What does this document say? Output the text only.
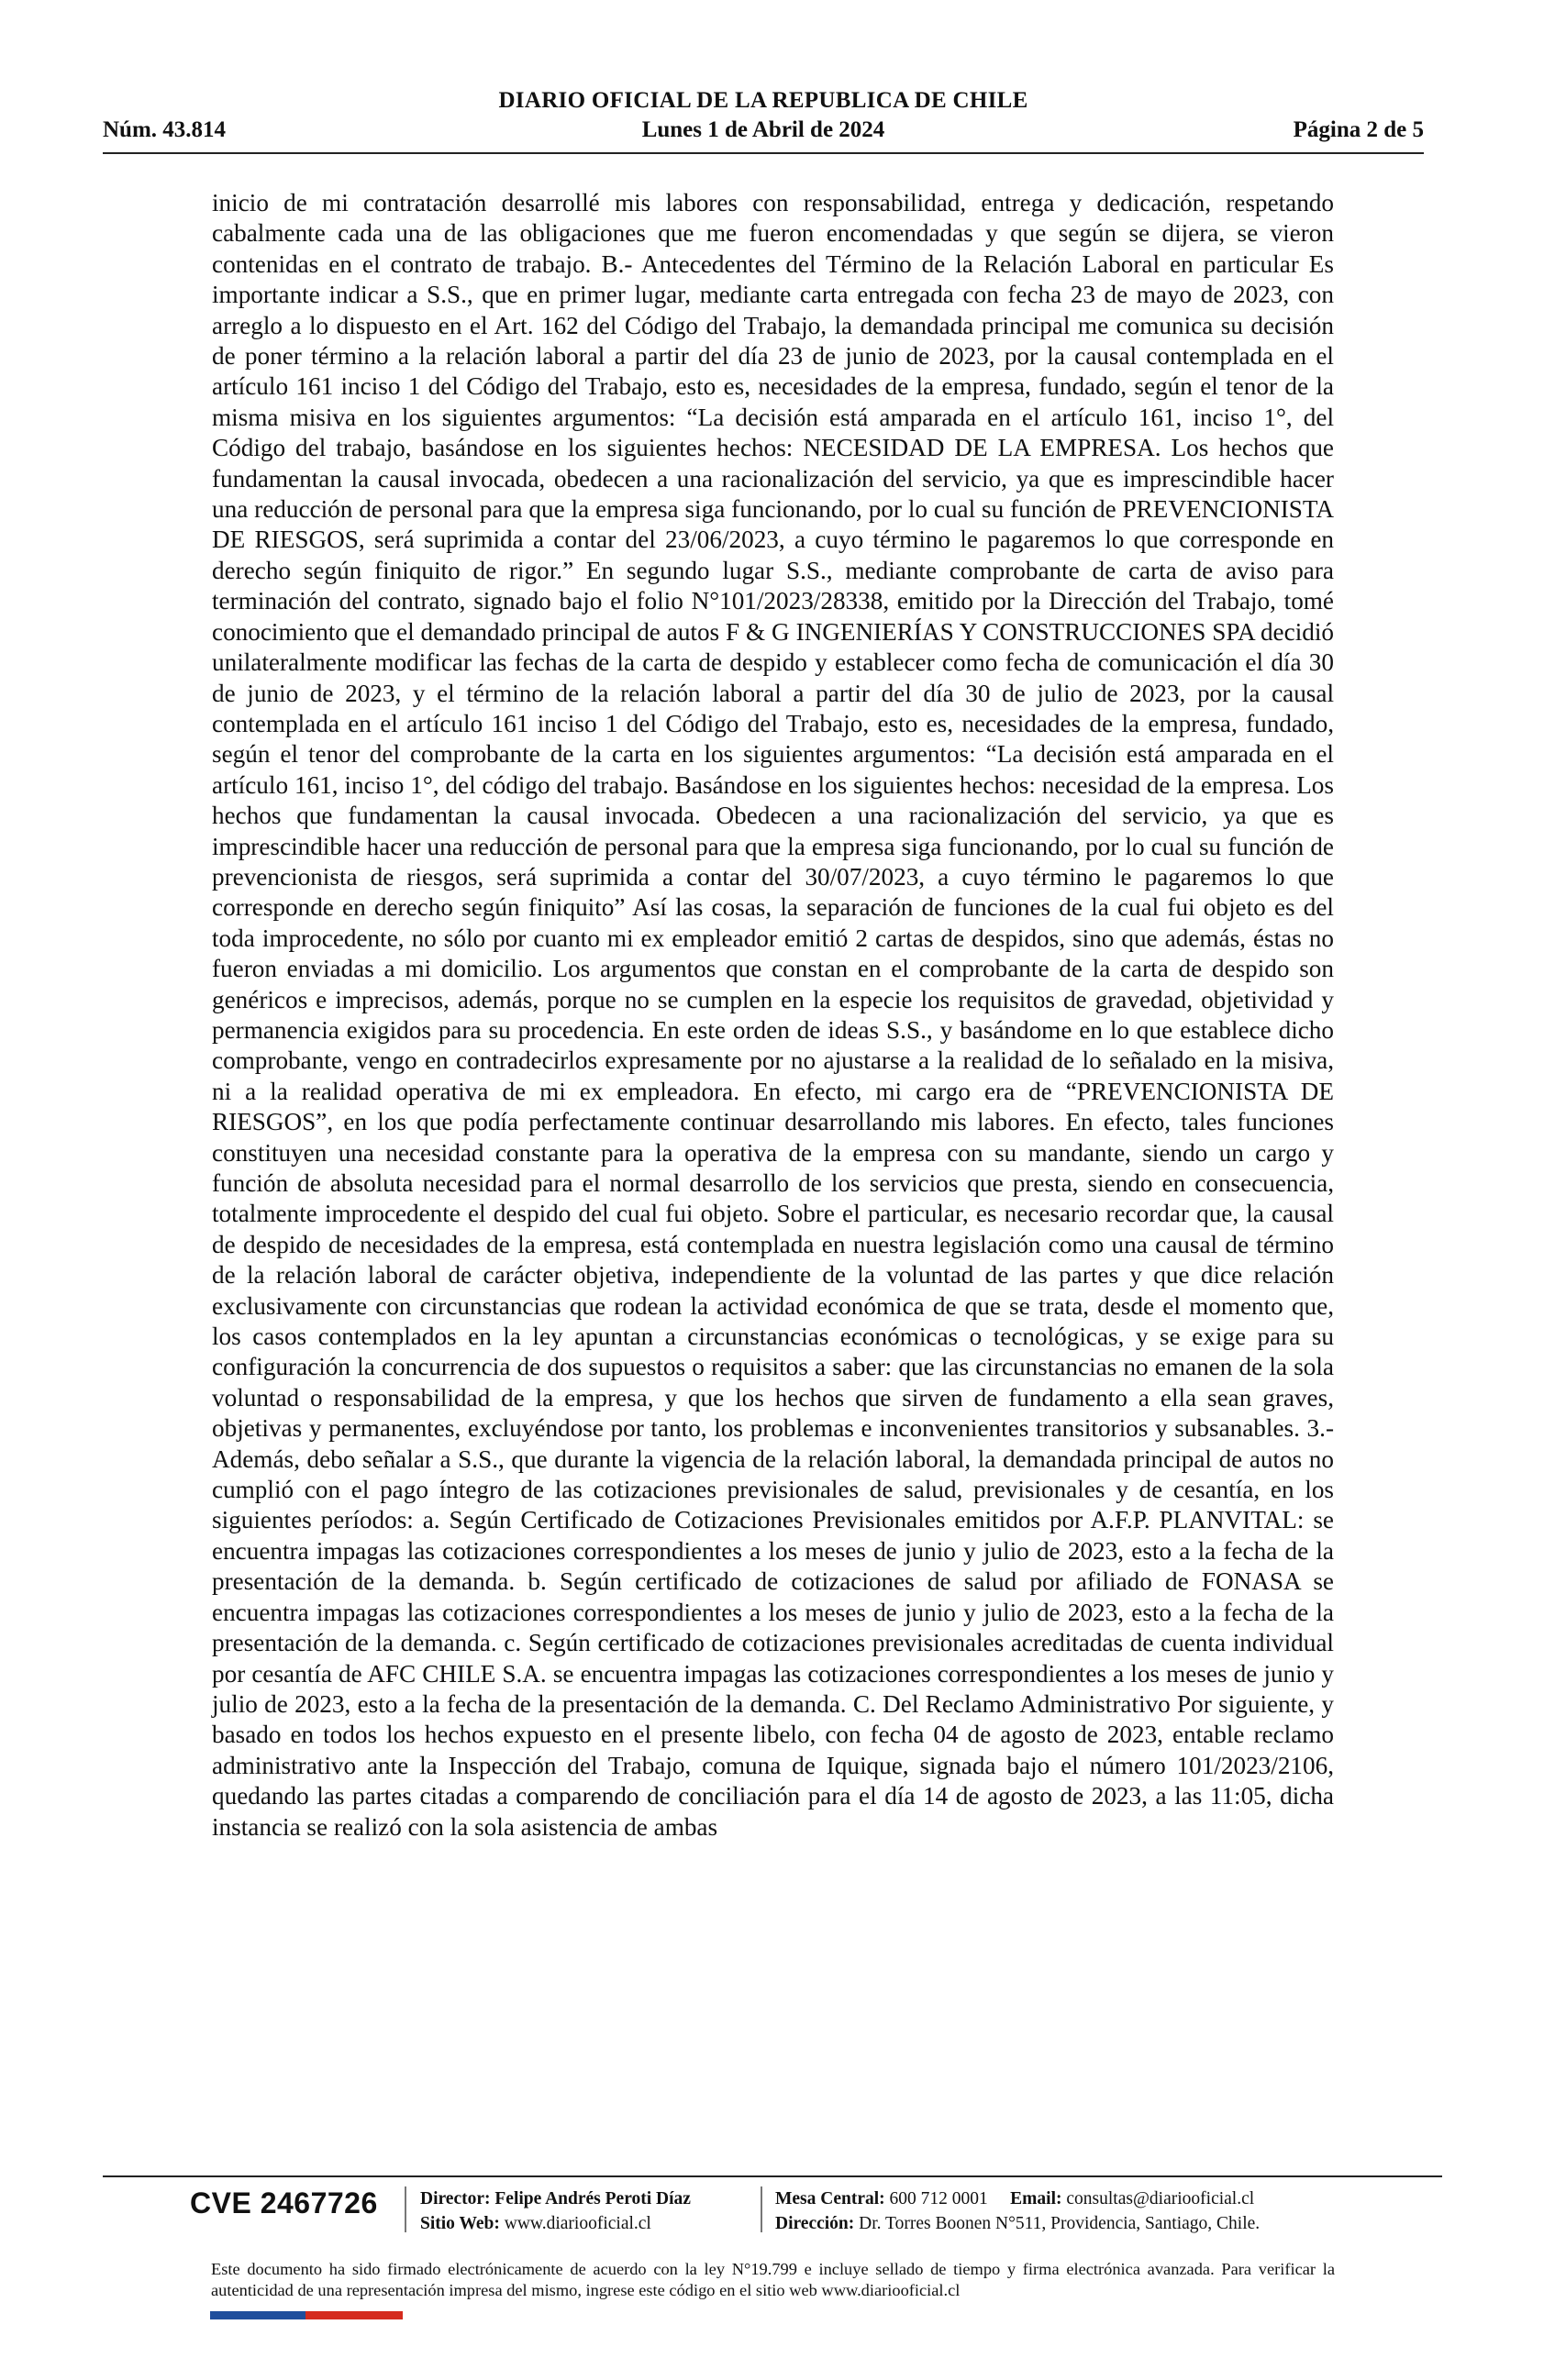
DIARIO OFICIAL DE LA REPUBLICA DE CHILE
Núm. 43.814	Lunes 1 de Abril de 2024	Página 2 de 5

inicio de mi contratación desarrollé mis labores con responsabilidad, entrega y dedicación, respetando cabalmente cada una de las obligaciones que me fueron encomendadas y que según se dijera, se vieron contenidas en el contrato de trabajo. B.- Antecedentes del Término de la Relación Laboral en particular Es importante indicar a S.S., que en primer lugar, mediante carta entregada con fecha 23 de mayo de 2023, con arreglo a lo dispuesto en el Art. 162 del Código del Trabajo, la demandada principal me comunica su decisión de poner término a la relación laboral a partir del día 23 de junio de 2023, por la causal contemplada en el artículo 161 inciso 1 del Código del Trabajo, esto es, necesidades de la empresa, fundado, según el tenor de la misma misiva en los siguientes argumentos: “La decisión está amparada en el artículo 161, inciso 1°, del Código del trabajo, basándose en los siguientes hechos: NECESIDAD DE LA EMPRESA. Los hechos que fundamentan la causal invocada, obedecen a una racionalización del servicio, ya que es imprescindible hacer una reducción de personal para que la empresa siga funcionando, por lo cual su función de PREVENCIONISTA DE RIESGOS, será suprimida a contar del 23/06/2023, a cuyo término le pagaremos lo que corresponde en derecho según finiquito de rigor.” En segundo lugar S.S., mediante comprobante de carta de aviso para terminación del contrato, signado bajo el folio N°101/2023/28338, emitido por la Dirección del Trabajo, tomé conocimiento que el demandado principal de autos F & G INGENIERÍAS Y CONSTRUCCIONES SPA decidió unilateralmente modificar las fechas de la carta de despido y establecer como fecha de comunicación el día 30 de junio de 2023, y el término de la relación laboral a partir del día 30 de julio de 2023, por la causal contemplada en el artículo 161 inciso 1 del Código del Trabajo, esto es, necesidades de la empresa, fundado, según el tenor del comprobante de la carta en los siguientes argumentos: “La decisión está amparada en el artículo 161, inciso 1°, del código del trabajo. Basándose en los siguientes hechos: necesidad de la empresa. Los hechos que fundamentan la causal invocada. Obedecen a una racionalización del servicio, ya que es imprescindible hacer una reducción de personal para que la empresa siga funcionando, por lo cual su función de prevencionista de riesgos, será suprimida a contar del 30/07/2023, a cuyo término le pagaremos lo que corresponde en derecho según finiquito” Así las cosas, la separación de funciones de la cual fui objeto es del toda improcedente, no sólo por cuanto mi ex empleador emitió 2 cartas de despidos, sino que además, éstas no fueron enviadas a mi domicilio. Los argumentos que constan en el comprobante de la carta de despido son genéricos e imprecisos, además, porque no se cumplen en la especie los requisitos de gravedad, objetividad y permanencia exigidos para su procedencia. En este orden de ideas S.S., y basándome en lo que establece dicho comprobante, vengo en contradecirlos expresamente por no ajustarse a la realidad de lo señalado en la misiva, ni a la realidad operativa de mi ex empleadora. En efecto, mi cargo era de “PREVENCIONISTA DE RIESGOS”, en los que podía perfectamente continuar desarrollando mis labores. En efecto, tales funciones constituyen una necesidad constante para la operativa de la empresa con su mandante, siendo un cargo y función de absoluta necesidad para el normal desarrollo de los servicios que presta, siendo en consecuencia, totalmente improcedente el despido del cual fui objeto. Sobre el particular, es necesario recordar que, la causal de despido de necesidades de la empresa, está contemplada en nuestra legislación como una causal de término de la relación laboral de carácter objetiva, independiente de la voluntad de las partes y que dice relación exclusivamente con circunstancias que rodean la actividad económica de que se trata, desde el momento que, los casos contemplados en la ley apuntan a circunstancias económicas o tecnológicas, y se exige para su configuración la concurrencia de dos supuestos o requisitos a saber: que las circunstancias no emanen de la sola voluntad o responsabilidad de la empresa, y que los hechos que sirven de fundamento a ella sean graves, objetivas y permanentes, excluyéndose por tanto, los problemas e inconvenientes transitorios y subsanables. 3.- Además, debo señalar a S.S., que durante la vigencia de la relación laboral, la demandada principal de autos no cumplió con el pago íntegro de las cotizaciones previsionales de salud, previsionales y de cesantía, en los siguientes períodos: a. Según Certificado de Cotizaciones Previsionales emitidos por A.F.P. PLANVITAL: se encuentra impagas las cotizaciones correspondientes a los meses de junio y julio de 2023, esto a la fecha de la presentación de la demanda. b. Según certificado de cotizaciones de salud por afiliado de FONASA se encuentra impagas las cotizaciones correspondientes a los meses de junio y julio de 2023, esto a la fecha de la presentación de la demanda. c. Según certificado de cotizaciones previsionales acreditadas de cuenta individual por cesantía de AFC CHILE S.A. se encuentra impagas las cotizaciones correspondientes a los meses de junio y julio de 2023, esto a la fecha de la presentación de la demanda. C. Del Reclamo Administrativo Por siguiente, y basado en todos los hechos expuesto en el presente libelo, con fecha 04 de agosto de 2023, entable reclamo administrativo ante la Inspección del Trabajo, comuna de Iquique, signada bajo el número 101/2023/2106, quedando las partes citadas a comparendo de conciliación para el día 14 de agosto de 2023, a las 11:05, dicha instancia se realizó con la sola asistencia de ambas

CVE 2467726 Director: Felipe Andrés Peroti Díaz
Sitio Web: www.diariooficial.cl
Mesa Central: 600 712 0001 Email: consultas@diariooficial.cl
Dirección: Dr. Torres Boonen N°511, Providencia, Santiago, Chile.
Este documento ha sido firmado electrónicamente de acuerdo con la ley N°19.799 e incluye sellado de tiempo y firma electrónica avanzada. Para verificar la autenticidad de una representación impresa del mismo, ingrese este código en el sitio web www.diariooficial.cl
